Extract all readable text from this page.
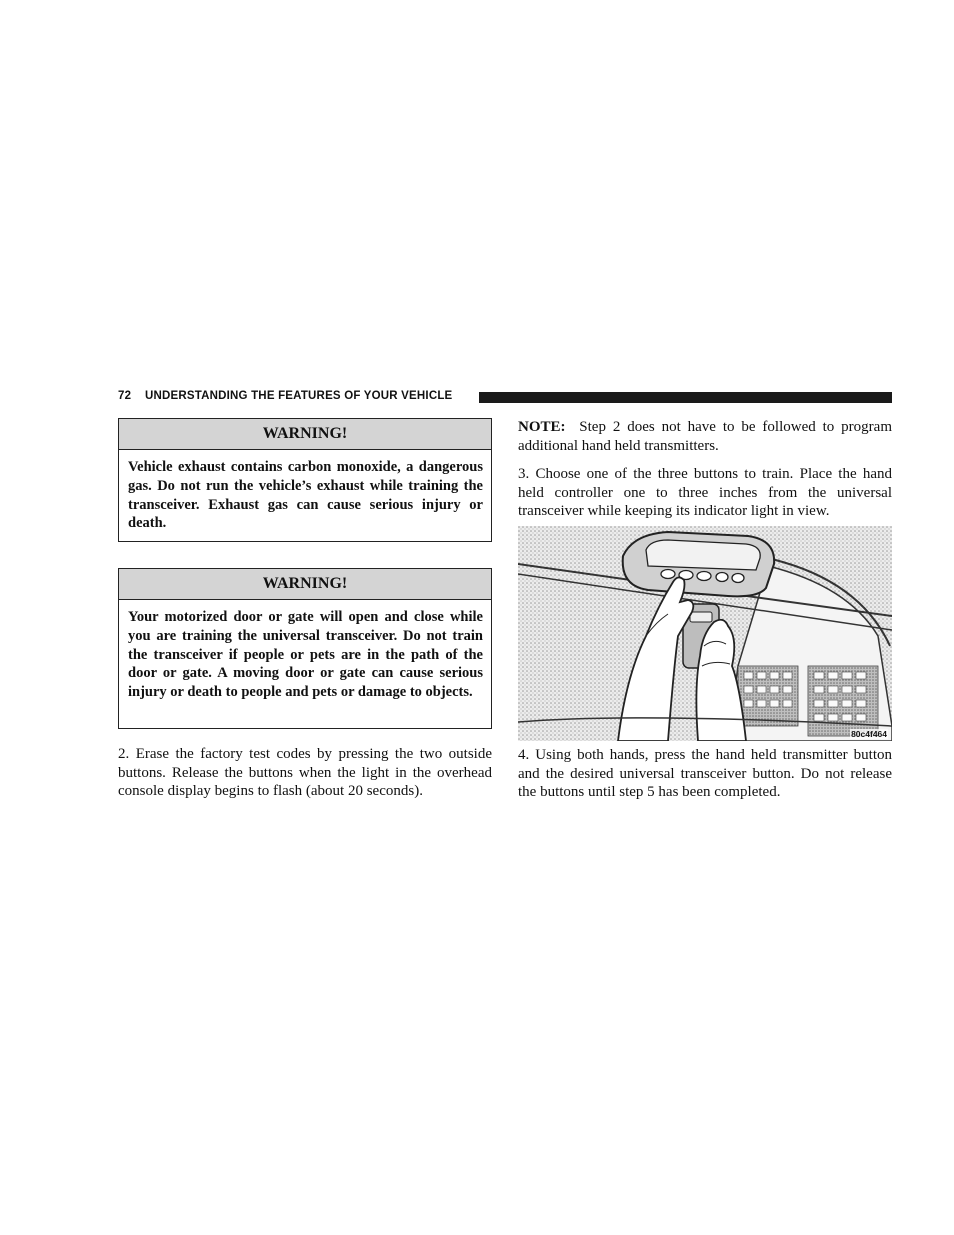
72 UNDERSTANDING THE FEATURES OF YOUR VEHICLE
WARNING!
Vehicle exhaust contains carbon monoxide, a dangerous gas. Do not run the vehicle’s exhaust while training the transceiver. Exhaust gas can cause serious injury or death.
WARNING!
Your motorized door or gate will open and close while you are training the universal transceiver. Do not train the transceiver if people or pets are in the path of the door or gate. A moving door or gate can cause serious injury or death to people and pets or damage to objects.
2. Erase the factory test codes by pressing the two outside buttons. Release the buttons when the light in the overhead console display begins to flash (about 20 seconds).
NOTE: Step 2 does not have to be followed to program additional hand held transmitters.
3. Choose one of the three buttons to train. Place the hand held controller one to three inches from the universal transceiver while keeping its indicator light in view.
80c4f464
4. Using both hands, press the hand held transmitter button and the desired universal transceiver button. Do not release the buttons until step 5 has been completed.
